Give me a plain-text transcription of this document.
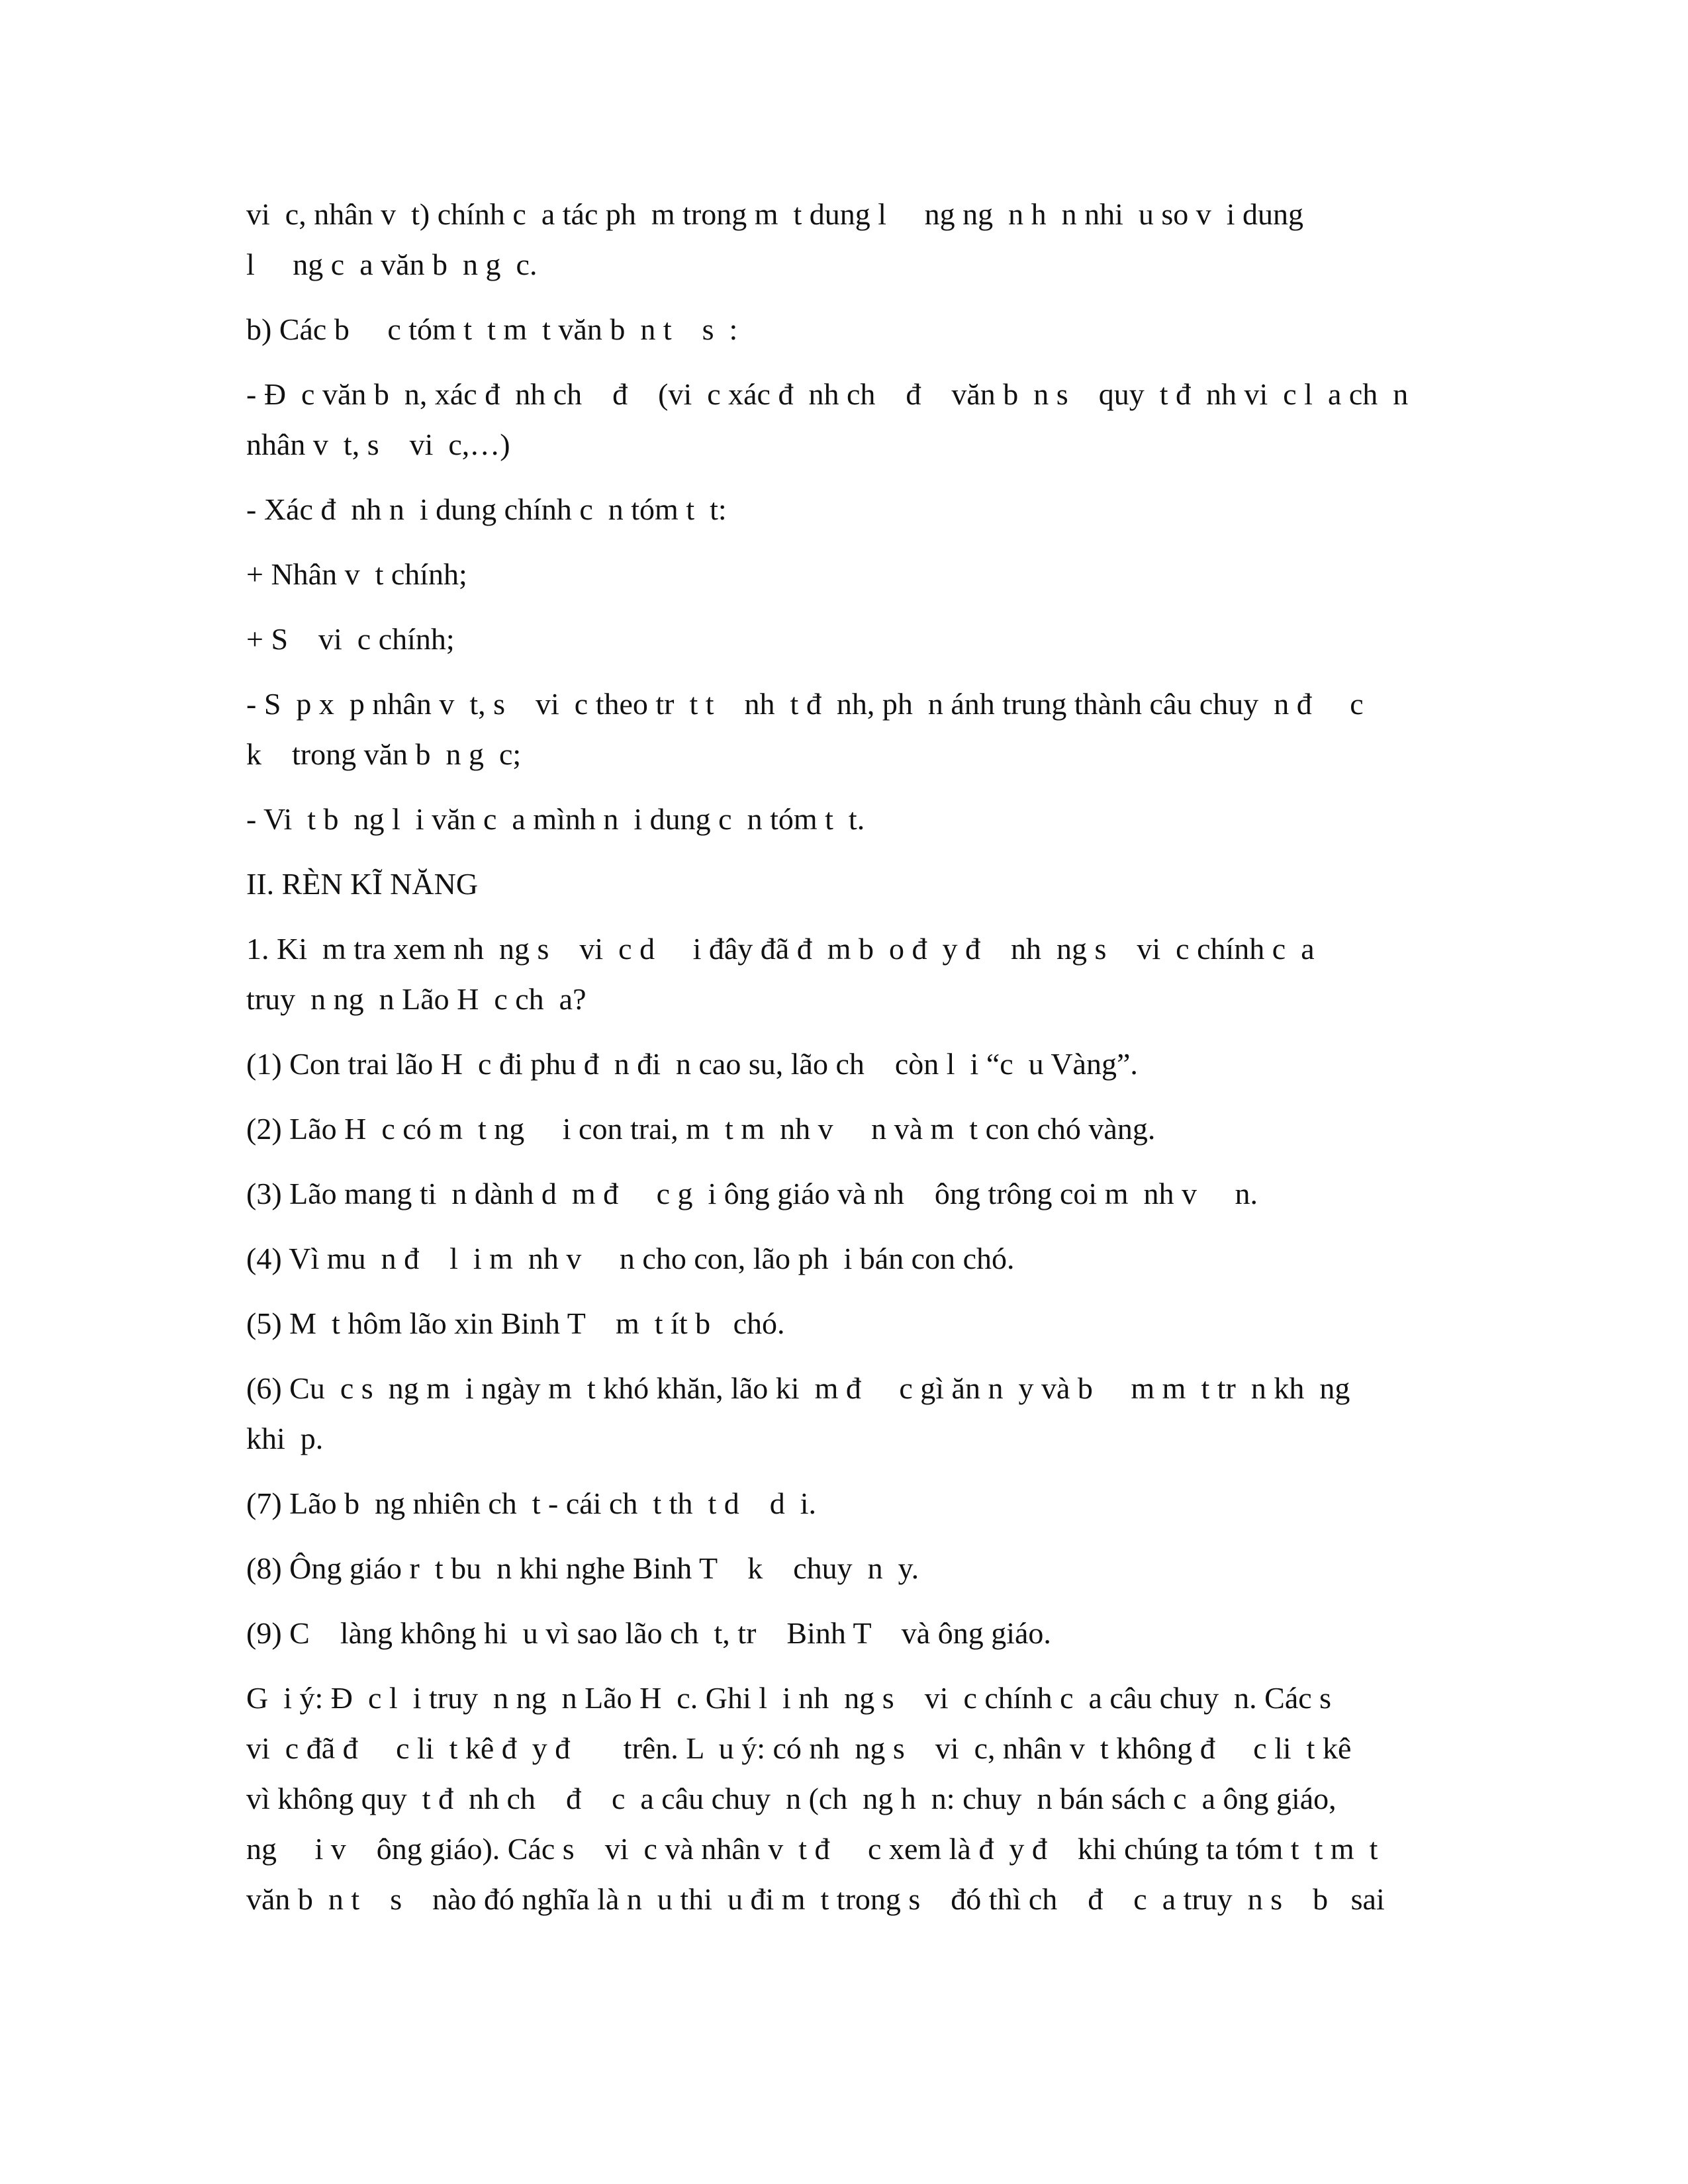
vi  c, nhân v  t) chính c  a tác ph  m trong m  t dung l     ng ng  n h  n nhi  u so v  i dung
l     ng c  a văn b  n g  c.
b) Các b     c tóm t  t m  t văn b  n t    s  :
- Đ  c văn b  n, xác đ  nh ch    đ    (vi  c xác đ  nh ch    đ    văn b  n s    quy  t đ  nh vi  c l  a ch  n
nhân v  t, s    vi  c,…)
- Xác đ  nh n  i dung chính c  n tóm t  t:
+ Nhân v  t chính;
+ S    vi  c chính;
- S  p x  p nhân v  t, s    vi  c theo tr  t t    nh  t đ  nh, ph  n ánh trung thành câu chuy  n đ     c
k    trong văn b  n g  c;
- Vi  t b  ng l  i văn c  a mình n  i dung c  n tóm t  t.
II. RÈN KĨ NĂNG
1. Ki  m tra xem nh  ng s    vi  c d     i đây đã đ  m b  o đ  y đ    nh  ng s    vi  c chính c  a
truy  n ng  n Lão H  c ch  a?
(1) Con trai lão H  c đi phu đ  n đi  n cao su, lão ch    còn l  i “c  u Vàng”.
(2) Lão H  c có m  t ng     i con trai, m  t m  nh v     n và m  t con chó vàng.
(3) Lão mang ti  n dành d  m đ     c g  i ông giáo và nh    ông trông coi m  nh v     n.
(4) Vì mu  n đ    l  i m  nh v     n cho con, lão ph  i bán con chó.
(5) M  t hôm lão xin Binh T    m  t ít b   chó.
(6) Cu  c s  ng m  i ngày m  t khó khăn, lão ki  m đ     c gì ăn n  y và b     m m  t tr  n kh  ng
khi  p.
(7) Lão b  ng nhiên ch  t - cái ch  t th  t d    d  i.
(8) Ông giáo r  t bu  n khi nghe Binh T    k    chuy  n  y.
(9) C    làng không hi  u vì sao lão ch  t, tr    Binh T    và ông giáo.
G  i ý: Đ  c l  i truy  n ng  n Lão H  c. Ghi l  i nh  ng s    vi  c chính c  a câu chuy  n. Các s
vi  c đã đ     c li  t kê đ  y đ       trên. L  u ý: có nh  ng s    vi  c, nhân v  t không đ     c li  t kê
vì không quy  t đ  nh ch    đ    c  a câu chuy  n (ch  ng h  n: chuy  n bán sách c  a ông giáo,
ng     i v    ông giáo). Các s    vi  c và nhân v  t đ     c xem là đ  y đ    khi chúng ta tóm t  t m  t
văn b  n t    s    nào đó nghĩa là n  u thi  u đi m  t trong s    đó thì ch    đ    c  a truy  n s    b   sai
